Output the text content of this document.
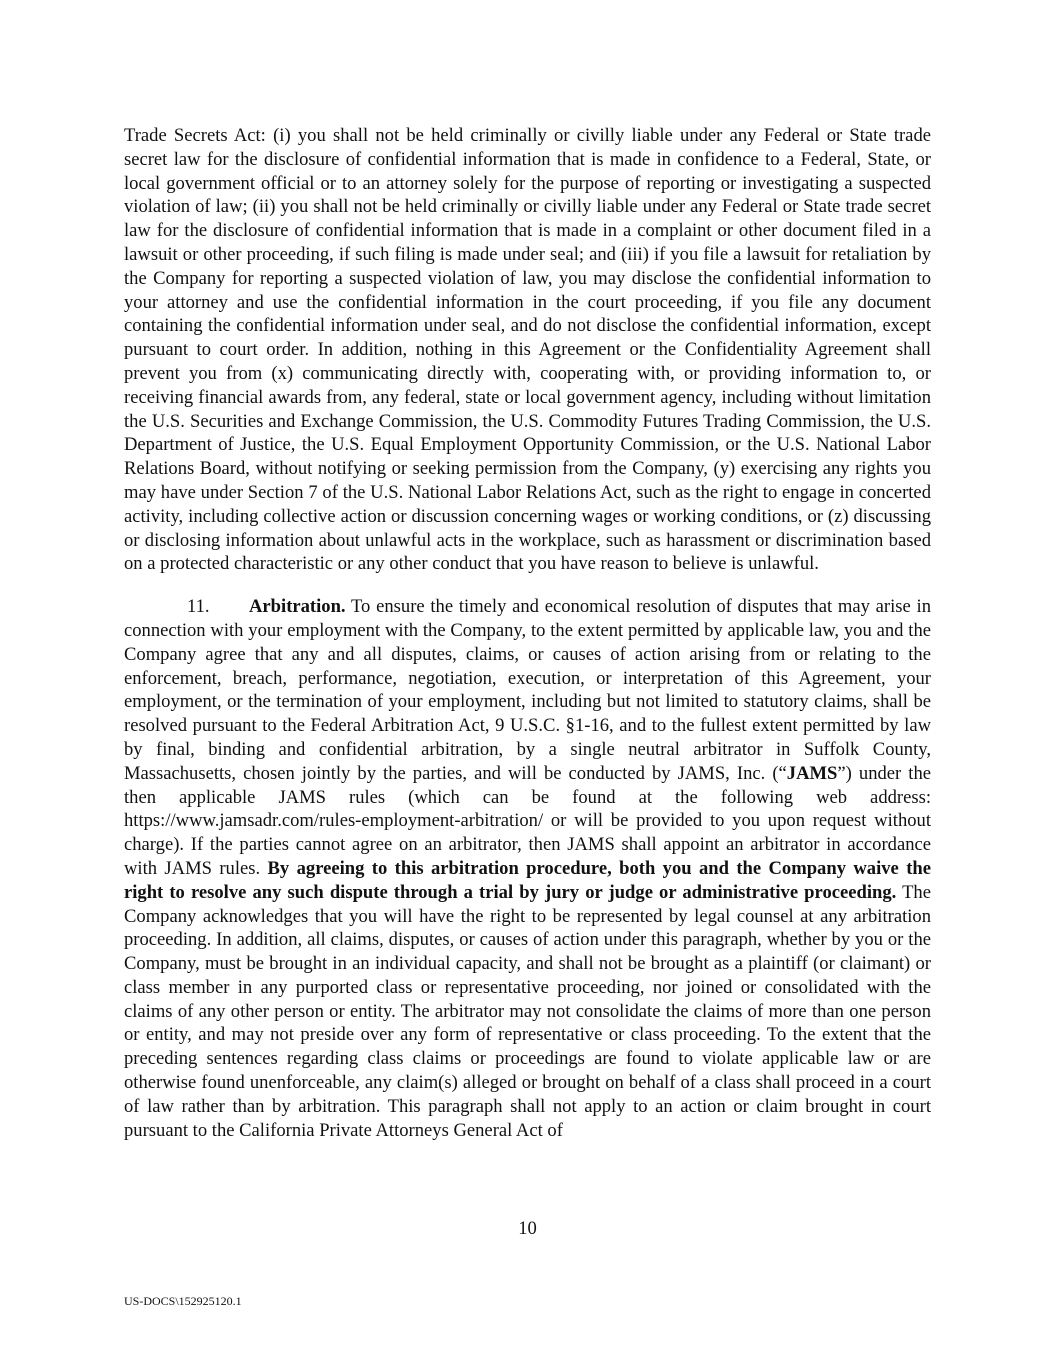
Trade Secrets Act: (i) you shall not be held criminally or civilly liable under any Federal or State trade secret law for the disclosure of confidential information that is made in confidence to a Federal, State, or local government official or to an attorney solely for the purpose of reporting or investigating a suspected violation of law; (ii) you shall not be held criminally or civilly liable under any Federal or State trade secret law for the disclosure of confidential information that is made in a complaint or other document filed in a lawsuit or other proceeding, if such filing is made under seal; and (iii) if you file a lawsuit for retaliation by the Company for reporting a suspected violation of law, you may disclose the confidential information to your attorney and use the confidential information in the court proceeding, if you file any document containing the confidential information under seal, and do not disclose the confidential information, except pursuant to court order. In addition, nothing in this Agreement or the Confidentiality Agreement shall prevent you from (x) communicating directly with, cooperating with, or providing information to, or receiving financial awards from, any federal, state or local government agency, including without limitation the U.S. Securities and Exchange Commission, the U.S. Commodity Futures Trading Commission, the U.S. Department of Justice, the U.S. Equal Employment Opportunity Commission, or the U.S. National Labor Relations Board, without notifying or seeking permission from the Company, (y) exercising any rights you may have under Section 7 of the U.S. National Labor Relations Act, such as the right to engage in concerted activity, including collective action or discussion concerning wages or working conditions, or (z) discussing or disclosing information about unlawful acts in the workplace, such as harassment or discrimination based on a protected characteristic or any other conduct that you have reason to believe is unlawful.

11. Arbitration. To ensure the timely and economical resolution of disputes that may arise in connection with your employment with the Company, to the extent permitted by applicable law, you and the Company agree that any and all disputes, claims, or causes of action arising from or relating to the enforcement, breach, performance, negotiation, execution, or interpretation of this Agreement, your employment, or the termination of your employment, including but not limited to statutory claims, shall be resolved pursuant to the Federal Arbitration Act, 9 U.S.C. §1-16, and to the fullest extent permitted by law by final, binding and confidential arbitration, by a single neutral arbitrator in Suffolk County, Massachusetts, chosen jointly by the parties, and will be conducted by JAMS, Inc. (“JAMS”) under the then applicable JAMS rules (which can be found at the following web address: https://www.jamsadr.com/rules-employment-arbitration/ or will be provided to you upon request without charge). If the parties cannot agree on an arbitrator, then JAMS shall appoint an arbitrator in accordance with JAMS rules. By agreeing to this arbitration procedure, both you and the Company waive the right to resolve any such dispute through a trial by jury or judge or administrative proceeding. The Company acknowledges that you will have the right to be represented by legal counsel at any arbitration proceeding. In addition, all claims, disputes, or causes of action under this paragraph, whether by you or the Company, must be brought in an individual capacity, and shall not be brought as a plaintiff (or claimant) or class member in any purported class or representative proceeding, nor joined or consolidated with the claims of any other person or entity. The arbitrator may not consolidate the claims of more than one person or entity, and may not preside over any form of representative or class proceeding. To the extent that the preceding sentences regarding class claims or proceedings are found to violate applicable law or are otherwise found unenforceable, any claim(s) alleged or brought on behalf of a class shall proceed in a court of law rather than by arbitration. This paragraph shall not apply to an action or claim brought in court pursuant to the California Private Attorneys General Act of

10
US-DOCS\152925120.1
